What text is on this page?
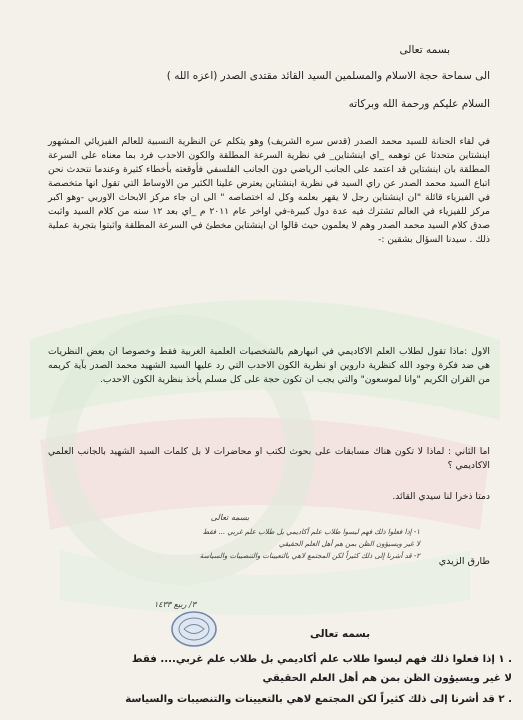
بسمه تعالى
الى سماحة حجة الاسلام والمسلمين السيد القائد مقتدى الصدر (اعزه الله )
السلام عليكم ورحمة الله وبركاته
في لقاء الحنانة للسيد محمد الصدر (قدس سره الشريف) وهو يتكلم عن النظرية النسبية للعالم الفيزيائي المشهور اينشتاين متحدثا عن توهمه _اي اينشتاين_ في نظرية السرعة المطلقة والكون الاحدب فرد بما معناه على السرعة المطلقة بان اينشتاين قد اعتمد على الجانب الرياضي دون الجانب الفلسفي فأوقعته بأخطاء كثيرة وعندما نتحدث نحن اتباع السيد محمد الصدر عن راي السيد في نظرية اينشتاين يعترض علينا الكثير من الاوساط التي تقول انها متخصصة في الفيزياء قائلة "ان اينشتاين رجل لا يقهر بعلمه وكل له اختصاصه " الى ان جاء مركز الابحاث الاوربي -وهو اكبر مركز للفيزياء في العالم تشترك فيه عدة دول كبيرة-في اواخر عام ٢٠١١ م _اي بعد ١٢ سنه من كلام السيد واثبت صدق كلام السيد محمد الصدر وهم لا يعلمون حيث قالوا ان اينشتاين مخطئ في السرعة المطلقة واثبتوا بتجربة عملية ذلك . سيدنا السؤال بشقين :-
الاول :ماذا تقول لطلاب العلم الاكاديمي في انبهارهم بالشخصيات العلمية الغربية فقط وخصوصا ان بعض النظريات هي ضد فكرة وجود الله كنظرية داروين او نظرية الكون الاحدب التي رد عليها السيد الشهيد محمد الصدر بآية كريمه من القران الكريم "وانا لموسعون" والتي يجب ان تكون حجة على كل مسلم يأخذ بنظرية الكون الاحدب.
اما الثاني : لماذا لا تكون هناك مسابقات على بحوث لكتب او محاضرات لا بل كلمات السيد الشهيد بالجانب العلمي الاكاديمي ؟
دمتا ذخرا لنا سيدي القائد.
بسمه تعالى
١- إذا فعلوا ذلك فهم ليسوا طلاب علم أكاديمي بل طلاب علم غربي ... فقط
لا غير ويسيؤون الظن بمن هم أهل العلم الحقيقي
٢- قد أشرنا إلى ذلك كثيراً لكن المجتمع لاهي بالتعيينات والتنصيبات والسياسة	طارق الزيدي
٣/ ربيع ١٤٣٣
بسمه تعالى
. ١ إذا فعلوا ذلك فهم ليسوا طلاب علم أكاديمي بل طلاب علم غربي.... فقط
لا غير ويسيؤون الظن بمن هم أهل العلم الحقيقي
. ٢ قد أشرنا إلى ذلك كثيراً لكن المجتمع لاهي بالتعيينات والتنصيبات والسياسة
